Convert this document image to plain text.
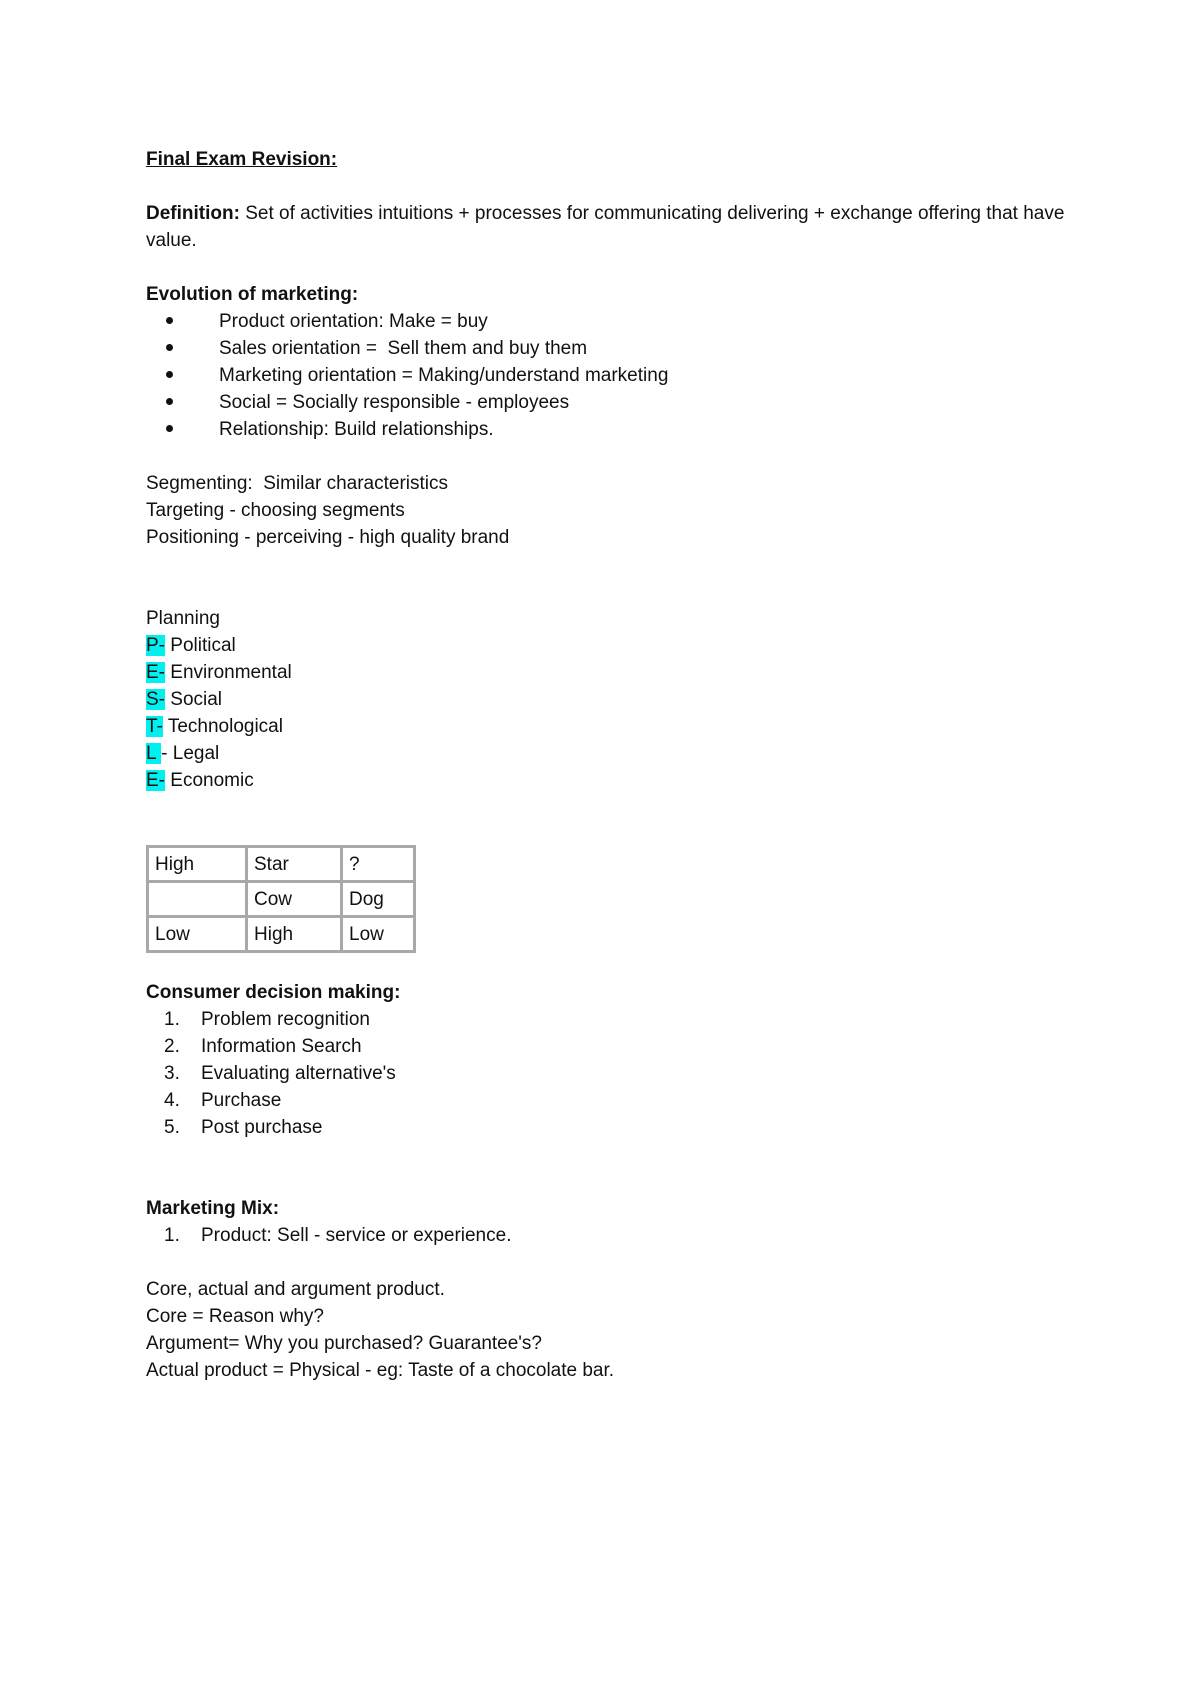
Final Exam Revision:
Definition: Set of activities intuitions + processes for communicating delivering + exchange offering that have value.
Evolution of marketing:
Product orientation: Make = buy
Sales orientation =  Sell them and buy them
Marketing orientation = Making/understand marketing
Social = Socially responsible - employees
Relationship: Build relationships.
Segmenting:  Similar characteristics
Targeting - choosing segments
Positioning - perceiving - high quality brand
Planning
P- Political
E- Environmental
S- Social
T- Technological
L - Legal
E- Economic
High	Star	?
	Cow	Dog
Low	High	Low
Consumer decision making:
1. Problem recognition
2. Information Search
3. Evaluating alternative's
4. Purchase
5. Post purchase
Marketing Mix:
1. Product: Sell - service or experience.
Core, actual and argument product.
Core = Reason why?
Argument= Why you purchased? Guarantee's?
Actual product = Physical - eg: Taste of a chocolate bar.
